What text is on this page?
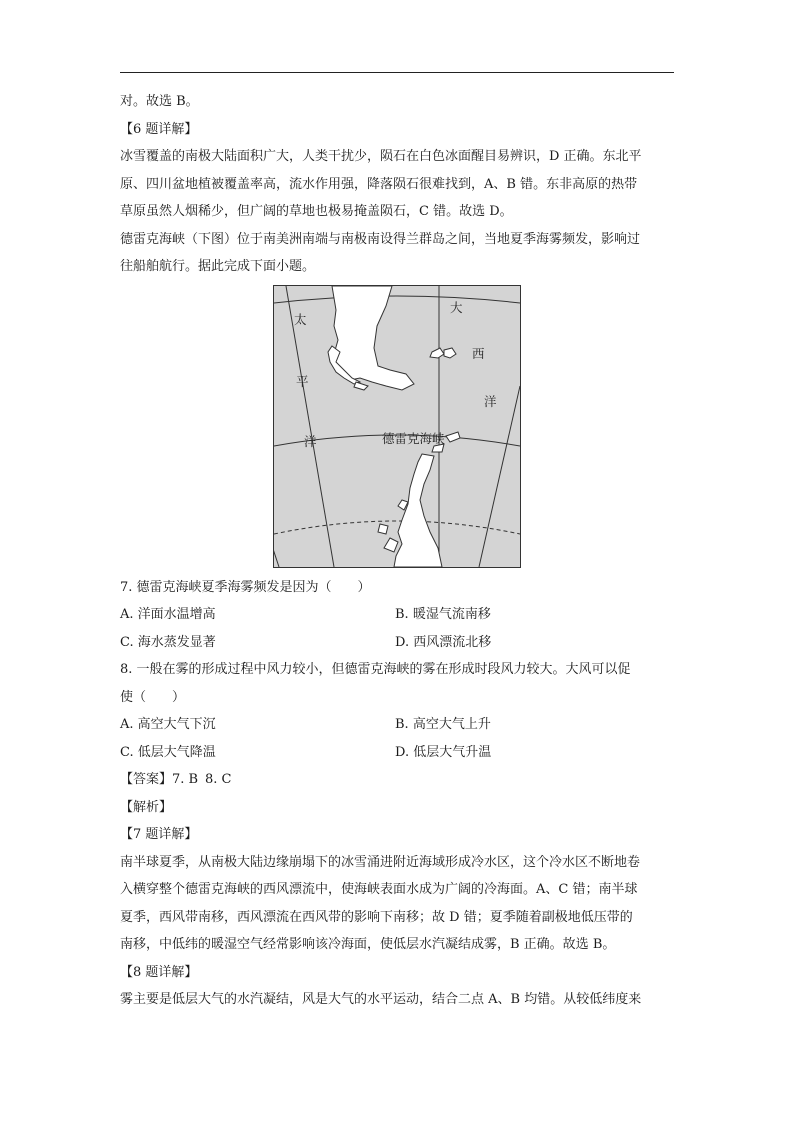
对。故选 B。
【6 题详解】
冰雪覆盖的南极大陆面积广大，人类干扰少，陨石在白色冰面醒目易辨识，D 正确。东北平
原、四川盆地植被覆盖率高，流水作用强，降落陨石很难找到，A、B 错。东非高原的热带
草原虽然人烟稀少，但广阔的草地也极易掩盖陨石，C 错。故选 D。
德雷克海峡（下图）位于南美洲南端与南极南设得兰群岛之间，当地夏季海雾频发，影响过
往船舶航行。据此完成下面小题。
太
平
洋
大
西
洋
德雷克海峡
7. 德雷克海峡夏季海雾频发是因为（　　）
A. 洋面水温增高	B. 暖湿气流南移
C. 海水蒸发显著	D. 西风漂流北移
8. 一般在雾的形成过程中风力较小，但德雷克海峡的雾在形成时段风力较大。大风可以促
使（　　）
A. 高空大气下沉	B. 高空大气上升
C. 低层大气降温	D. 低层大气升温
【答案】7. B 8. C
【解析】
【7 题详解】
南半球夏季，从南极大陆边缘崩塌下的冰雪涌进附近海域形成冷水区，这个冷水区不断地卷
入横穿整个德雷克海峡的西风漂流中，使海峡表面水成为广阔的冷海面。A、C 错；南半球
夏季，西风带南移，西风漂流在西风带的影响下南移；故 D 错；夏季随着副极地低压带的
南移，中低纬的暖湿空气经常影响该冷海面，使低层水汽凝结成雾，B 正确。故选 B。
【8 题详解】
雾主要是低层大气的水汽凝结，风是大气的水平运动，结合二点 A、B 均错。从较低纬度来
